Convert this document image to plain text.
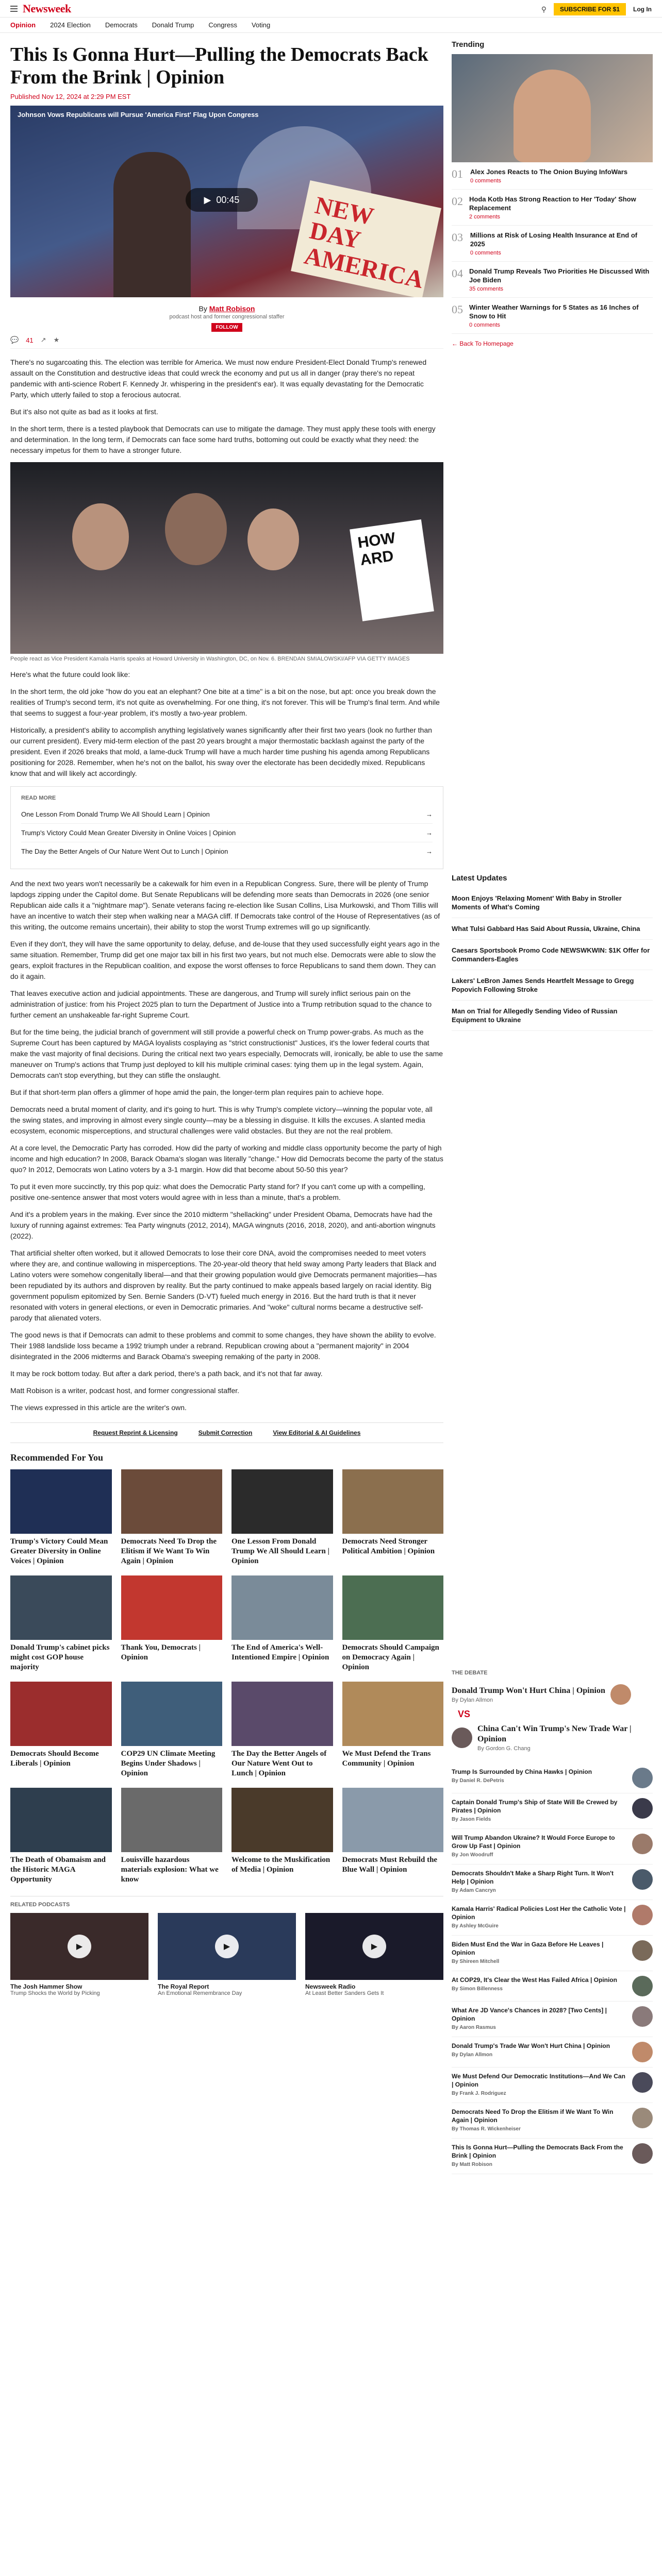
Newsweek	⚲	SUBSCRIBE FOR $1	Log In
Opinion 2024 Election Democrats Donald Trump Congress Voting
This Is Gonna Hurt—Pulling the Democrats Back From the Brink | Opinion
Published Nov 12, 2024 at 2:29 PM EST
NEW DAY AMERICA
Johnson Vows Republicans will Pursue 'America First' Flag Upon Congress
▶ 00:45
By Matt Robison
podcast host and former congressional staffer
FOLLOW
💬 41 ↗ ★

There's no sugarcoating this. The election was terrible for America. We must now endure President-Elect Donald Trump's renewed assault on the Constitution and destructive ideas that could wreck the economy and put us all in danger (pray there's no repeat pandemic with anti-science Robert F. Kennedy Jr. whispering in the president's ear). It was equally devastating for the Democratic Party, which utterly failed to stop a ferocious autocrat.

But it's also not quite as bad as it looks at first.

In the short term, there is a tested playbook that Democrats can use to mitigate the damage. They must apply these tools with energy and determination. In the long term, if Democrats can face some hard truths, bottoming out could be exactly what they need: the necessary impetus for them to have a stronger future.

HOW ARD
People react as Vice President Kamala Harris speaks at Howard University in Washington, DC, on Nov. 6. BRENDAN SMIALOWSKI/AFP VIA GETTY IMAGES

Here's what the future could look like:

In the short term, the old joke "how do you eat an elephant? One bite at a time" is a bit on the nose, but apt: once you break down the realities of Trump's second term, it's not quite as overwhelming. For one thing, it's not forever. This will be Trump's final term. And while that seems to suggest a four-year problem, it's mostly a two-year problem.

Historically, a president's ability to accomplish anything legislatively wanes significantly after their first two years (look no further than our current president). Every mid-term election of the past 20 years brought a major thermostatic backlash against the party of the president. Even if 2026 breaks that mold, a lame-duck Trump will have a much harder time pushing his agenda among Republicans positioning for 2028. Remember, when he's not on the ballot, his sway over the electorate has been decidedly mixed. Republicans know that and will likely act accordingly.

READ MORE
One Lesson From Donald Trump We All Should Learn | Opinion	→
Trump's Victory Could Mean Greater Diversity in Online Voices | Opinion	→
The Day the Better Angels of Our Nature Went Out to Lunch | Opinion	→

And the next two years won't necessarily be a cakewalk for him even in a Republican Congress. Sure, there will be plenty of Trump lapdogs zipping under the Capitol dome. But Senate Republicans will be defending more seats than Democrats in 2026 (one senior Republican aide calls it a "nightmare map"). Senate veterans facing re-election like Susan Collins, Lisa Murkowski, and Thom Tillis will have an incentive to watch their step when walking near a MAGA cliff. If Democrats take control of the House of Representatives (as of this writing, the outcome remains uncertain), their ability to stop the worst Trump extremes will go up significantly.

Even if they don't, they will have the same opportunity to delay, defuse, and de-louse that they used successfully eight years ago in the same situation. Remember, Trump did get one major tax bill in his first two years, but not much else. Democrats were able to slow the gears, exploit fractures in the Republican coalition, and expose the worst offenses to force Republicans to sand them down. They can do it again.

That leaves executive action and judicial appointments. These are dangerous, and Trump will surely inflict serious pain on the administration of justice: from his Project 2025 plan to turn the Department of Justice into a Trump retribution squad to the chance to further cement an unshakeable far-right Supreme Court.

But for the time being, the judicial branch of government will still provide a powerful check on Trump power-grabs. As much as the Supreme Court has been captured by MAGA loyalists cosplaying as "strict constructionist" Justices, it's the lower federal courts that make the vast majority of final decisions. During the critical next two years especially, Democrats will, ironically, be able to use the same maneuver on Trump's actions that Trump just deployed to kill his multiple criminal cases: tying them up in the legal system. Again, Democrats can't stop everything, but they can stifle the onslaught.

But if that short-term plan offers a glimmer of hope amid the pain, the longer-term plan requires pain to achieve hope.

Democrats need a brutal moment of clarity, and it's going to hurt. This is why Trump's complete victory—winning the popular vote, all the swing states, and improving in almost every single county—may be a blessing in disguise. It kills the excuses. A slanted media ecosystem, economic misperceptions, and structural challenges were valid obstacles. But they are not the real problem.

At a core level, the Democratic Party has corroded. How did the party of working and middle class opportunity become the party of high income and high education? In 2008, Barack Obama's slogan was literally "change." How did Democrats become the party of the status quo? In 2012, Democrats won Latino voters by a 3-1 margin. How did that become about 50-50 this year?

To put it even more succinctly, try this pop quiz: what does the Democratic Party stand for? If you can't come up with a compelling, positive one-sentence answer that most voters would agree with in less than a minute, that's a problem.

And it's a problem years in the making. Ever since the 2010 midterm "shellacking" under President Obama, Democrats have had the luxury of running against extremes: Tea Party wingnuts (2012, 2014), MAGA wingnuts (2016, 2018, 2020), and anti-abortion wingnuts (2022).

That artificial shelter often worked, but it allowed Democrats to lose their core DNA, avoid the compromises needed to meet voters where they are, and continue wallowing in misperceptions. The 20-year-old theory that held sway among Party leaders that Black and Latino voters were somehow congenitally liberal—and that their growing population would give Democrats permanent majorities—has been repudiated by its authors and disproven by reality. But the party continued to make appeals based largely on racial identity. Big government populism epitomized by Sen. Bernie Sanders (D-VT) fueled much energy in 2016. But the hard truth is that it never resonated with voters in general elections, or even in Democratic primaries. And "woke" cultural norms became a destructive self-parody that alienated voters.

The good news is that if Democrats can admit to these problems and commit to some changes, they have shown the ability to evolve. Their 1988 landslide loss became a 1992 triumph under a rebrand. Republican crowing about a "permanent majority" in 2004 disintegrated in the 2006 midterms and Barack Obama's sweeping remaking of the party in 2008.

It may be rock bottom today. But after a dark period, there's a path back, and it's not that far away.

Matt Robison is a writer, podcast host, and former congressional staffer.

The views expressed in this article are the writer's own.

Request Reprint & Licensing	Submit Correction	View Editorial & AI Guidelines
Recommended For You
Trump's Victory Could Mean Greater Diversity in Online Voices | Opinion
Democrats Need To Drop the Elitism if We Want To Win Again | Opinion
One Lesson From Donald Trump We All Should Learn | Opinion
Democrats Need Stronger Political Ambition | Opinion
Donald Trump's cabinet picks might cost GOP house majority
Thank You, Democrats | Opinion
The End of America's Well-Intentioned Empire | Opinion
Democrats Should Campaign on Democracy Again | Opinion
Democrats Should Become Liberals | Opinion
COP29 UN Climate Meeting Begins Under Shadows | Opinion
The Day the Better Angels of Our Nature Went Out to Lunch | Opinion
We Must Defend the Trans Community | Opinion
The Death of Obamaism and the Historic MAGA Opportunity
Louisville hazardous materials explosion: What we know
Welcome to the Muskification of Media | Opinion
Democrats Must Rebuild the Blue Wall | Opinion
RELATED PODCASTS
▶
The Josh Hammer Show
Trump Shocks the World by Picking
▶
The Royal Report
An Emotional Remembrance Day
▶
Newsweek Radio
At Least Better Sanders Gets It
Trending
01 Alex Jones Reacts to The Onion Buying InfoWars
0 comments
02 Hoda Kotb Has Strong Reaction to Her 'Today' Show Replacement
2 comments
03 Millions at Risk of Losing Health Insurance at End of 2025
0 comments
04 Donald Trump Reveals Two Priorities He Discussed With Joe Biden
35 comments
05 Winter Weather Warnings for 5 States as 16 Inches of Snow to Hit
0 comments
← Back To Homepage
Latest Updates
Moon Enjoys 'Relaxing Moment' With Baby in Stroller Moments of What's Coming
What Tulsi Gabbard Has Said About Russia, Ukraine, China
Caesars Sportsbook Promo Code NEWSWKWIN: $1K Offer for Commanders-Eagles
Lakers' LeBron James Sends Heartfelt Message to Gregg Popovich Following Stroke
Man on Trial for Allegedly Sending Video of Russian Equipment to Ukraine
THE DEBATE
Donald Trump Won't Hurt China | Opinion
By Dylan Allmon
VS
China Can't Win Trump's New Trade War | Opinion
By Gordon G. Chang
Trump Is Surrounded by China Hawks | Opinion
By Daniel R. DePetris
Captain Donald Trump's Ship of State Will Be Crewed by Pirates | Opinion
By Jason Fields
Will Trump Abandon Ukraine? It Would Force Europe to Grow Up Fast | Opinion
By Jon Woodruff
Democrats Shouldn't Make a Sharp Right Turn. It Won't Help | Opinion
By Adam Cancryn
Kamala Harris' Radical Policies Lost Her the Catholic Vote | Opinion
By Ashley McGuire
Biden Must End the War in Gaza Before He Leaves | Opinion
By Shireen Mitchell
At COP29, It's Clear the West Has Failed Africa | Opinion
By Simon Billenness
What Are JD Vance's Chances in 2028? [Two Cents] | Opinion
By Aaron Rasmus
Donald Trump's Trade War Won't Hurt China | Opinion
By Dylan Allmon
We Must Defend Our Democratic Institutions—And We Can | Opinion
By Frank J. Rodriguez
Democrats Need To Drop the Elitism if We Want To Win Again | Opinion
By Thomas R. Wickenheiser
This Is Gonna Hurt—Pulling the Democrats Back From the Brink | Opinion
By Matt Robison
